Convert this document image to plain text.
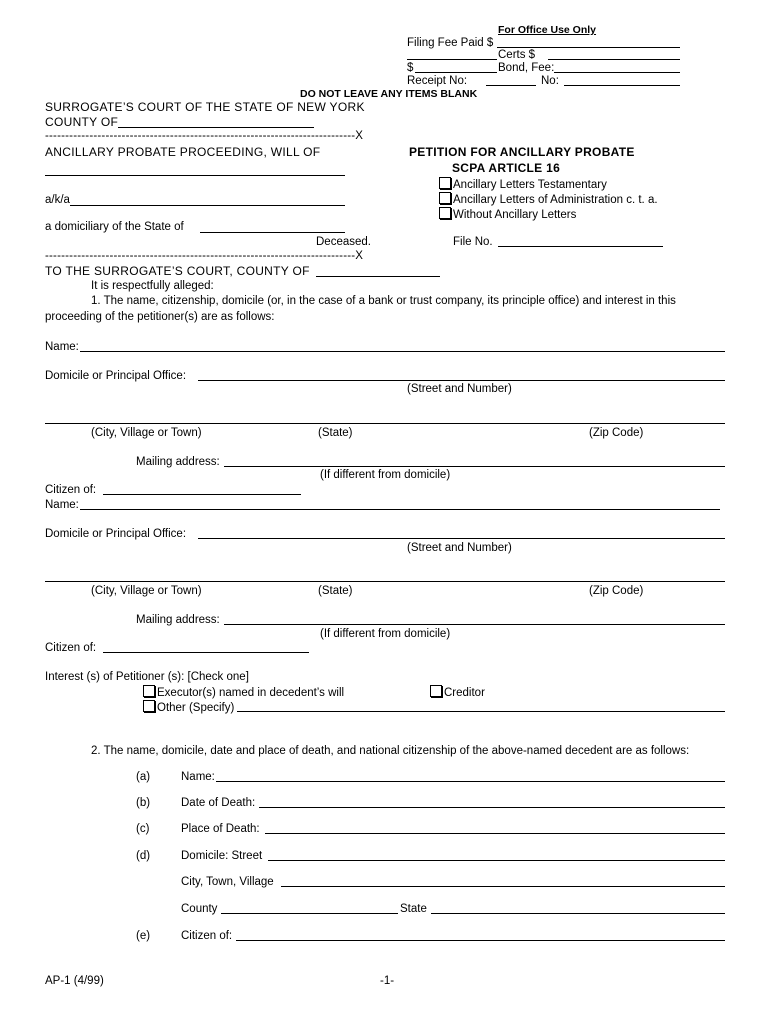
For Office Use Only
Filing Fee Paid $
Certs $
$	Bond, Fee:
Receipt No:	No:
DO NOT LEAVE ANY ITEMS BLANK
SURROGATE’S COURT OF THE STATE OF NEW YORK
COUNTY OF
-----------------------------------------------------------------------------X
ANCILLARY PROBATE PROCEEDING, WILL OF
a/k/a
a domiciliary of the State of
Deceased.
-----------------------------------------------------------------------------X
PETITION FOR ANCILLARY PROBATE
SCPA ARTICLE 16
Ancillary Letters Testamentary
Ancillary Letters of Administration c. t. a.
Without Ancillary Letters
File No.
TO THE SURROGATE’S COURT, COUNTY OF
It is respectfully alleged:
1. The name, citizenship, domicile (or, in the case of a bank or trust company, its principle office) and interest in this
proceeding of the petitioner(s) are as follows:
Name:
Domicile or Principal Office:
(Street and Number)
(City, Village or Town)	(State)	(Zip Code)
Mailing address:
(If different from domicile)
Citizen of:
Name:
Domicile or Principal Office:
(Street and Number)
(City, Village or Town)	(State)	(Zip Code)
Mailing address:
(If different from domicile)
Citizen of:
Interest (s) of Petitioner (s): [Check one]
Executor(s) named in decedent’s will	Creditor
Other (Specify)
2. The name, domicile, date and place of death, and national citizenship of the above-named decedent are as follows:
(a)	Name:
(b)	Date of Death:
(c)	Place of Death:
(d)	Domicile: Street
City, Town, Village
County	State
(e)	Citizen of:
AP-1 (4/99)	-1-
